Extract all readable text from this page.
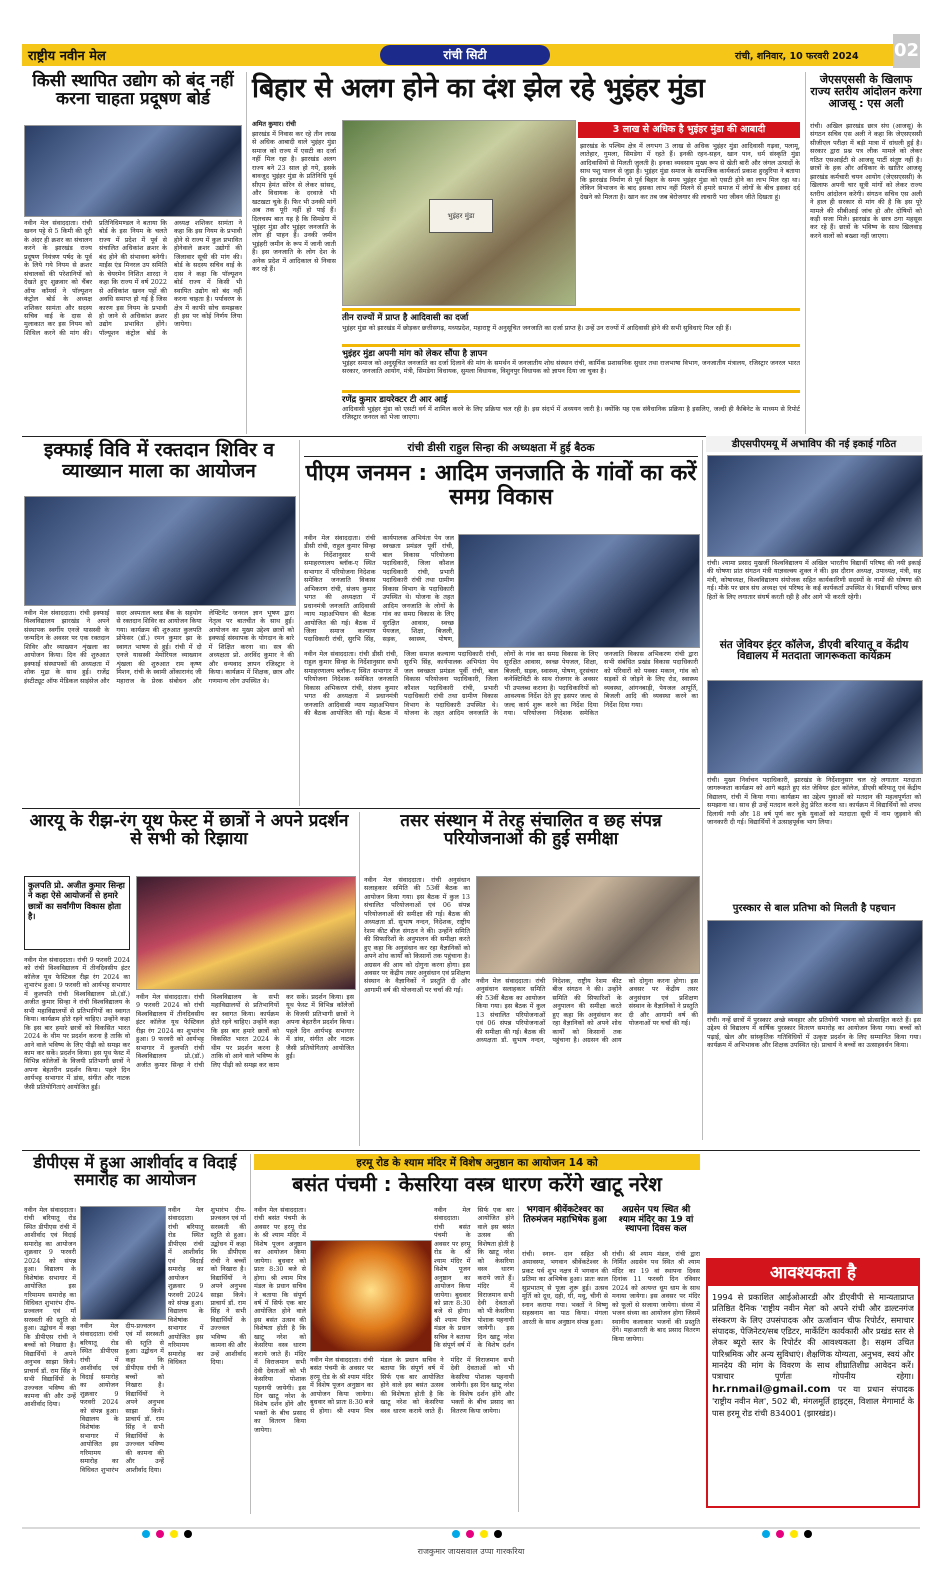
राष्ट्रीय नवीन मेल	रांची सिटी	रांची, शनिवार, 10 फरवरी 2024 02
किसी स्थापित उद्योग को बंद नहीं करना चाहता प्रदूषण बोर्ड

नवीन मेल संवाददाता। रांची खनन पट्टे से 5 किमी की दूरी के अंदर ही क्रशर का संचालन करने के झारखंड राज्य प्रदूषण नियंत्रण पर्षद के पूर्व के लिये गये नियम से क्रशर संचालकों की परेशानियों को देखते हुए शुक्रवार को चैंबर ऑफ कॉमर्स ने पॉल्यूशन कंट्रोल बोर्ड के अध्यक्ष शशिकर सामंता और सदस्य सचिव वाई के दास से मुलाकात कर इस नियम को शिथिल करने की मांग की। प्रतिनिधिमण्डल ने बताया कि बोर्ड के इस नियम के चलते राज्य में प्रदेश में पूर्व से संचालित अधिकांश क्रशर के बंद होने की संभावना बनेगी। माईंस एंड मिनरल उप समिति के चेयरमेन निशित शारदा ने कहा कि राज्य में वर्ष 2022 से अधिकांश खनन पट्टों की अवधि समाप्त हो गई है जिस कारण इस नियम के प्रभावी हो जाने से अधिकांश क्रशर उद्योग प्रभावित होंगे। पॉल्यूशन कंट्रोल बोर्ड के अध्यक्ष शशिकर सामंता ने कहा कि इस नियम के प्रभावी होने से राज्य में कुल प्रभावित होनेवाले क्रशर उद्योगों की जिलावार सूची की मांग की। बोर्ड के सदस्य सचिव वाई के दास ने कहा कि पॉल्यूशन बोर्ड राज्य में किसी भी स्थापित उद्योग को बंद नहीं करना चाहता है। पर्यावरण के क्षेत्र में काफी सोच समझकर ही इस पर कोई निर्णय लिया जायेगा।

बिहार से अलग होने का दंश झेल रहे भुइंहर मुंडा
अमित कुमार। रांची

झारखंड में निवास कर रहे तीन लाख से अधिक आबादी वाले भुइंहर मुंडा समाज को राज्य में एसटी का दर्जा नहीं मिल रहा है। झारखंड अलग राज्य बने 23 साल हो गये, इसके बावजूद भुइंहर मुंडा के प्रतिनिधि पूर्व सीएम हेमंत सोरेन से लेकर सांसद, और विधायक के दरवाजे भी खटखटा चुके हैं। फिर भी उनकी मांगें अब तक पूरी नहीं हो पाई हैं। दिलचस्प बात यह है कि सिमडेगा में भुइंहर मुंडा और भुइंहर जनजाति के लोग ही पाहन हैं। उनकी जमीन भुइंहरी जमीन के रूप में जानी जाती है। इस जनजाति के लोग देश के अनेक प्रदेश में आदिकाल से निवास कर रहे हैं।

भुइंहर मुंडा
3 लाख से अधिक है भुइंहर मुंडा की आबादी

झारखंड के पश्चिम क्षेत्र में लगभग 3 लाख से अधिक भुइंहर मुंडा आदिवासी गढ़वा, पलामू, लातेहार, गुमला, सिमडेगा में रहते हैं। इनकी रहन-सहन, खान पान, धर्म संस्कृति मुंडा आदिवासियों से मिलती जुलती है। इनका व्यवसाय मुख्य रूप से खेती बारी और जंगल उत्पादों के साथ पशु पालन से जुड़ा है। भुइंहर मुंडा समाज के सामाजिक कार्यकर्ता प्रकाश हुरहुरिया ने बताया कि झारखंड निर्माण से पूर्व बिहार के समय भुइंहर मुंडा को एसटी होने का लाभ मिल रहा था। लेकिन विभाजन के बाद इसका लाभ नहीं मिलने से हमारे समाज में लोगों के बीच इसका दर्द देखने को मिलता है। खान कर तब जब बेरोजगार की लाचारी भरा जीवन जीते दिखता हूं।

तीन राज्यों में प्राप्त है आदिवासी का दर्जा
भुइंहर मुंडा को झारखंड में छोड़कर छत्तीसगढ़, मध्यप्रदेश, महाराष्ट्र में अनुसूचित जनजाति का दर्जा प्राप्त है। उन्हें उन राज्यों में आदिवासी होने की सभी सुविधाएं मिल रही हैं।
भुइंहर मुंडा अपनी मांग को लेकर सौंपा है ज्ञापन
भुइंहर समाज को अनुसूचित जनजाति का दर्जा दिलाने की मांग के समर्थन में जनजातीय शोध संस्थान रांची, कार्मिक प्रशासनिक सुधार तथा राजभाषा विभाग, जनजातीय मंत्रालय, रजिस्ट्रार जनरल भारत सरकार, जनजाति आयोग, मंत्री, सिमडेगा विधायक, सुमला विधायक, विशुनपुर विधायक को ज्ञापन दिया जा चुका है।
रणेंद्र कुमार डायरेक्टर टी आर आई
आदिवासी भुइंहर मुंडा को एसटी वर्ग में शामिल करने के लिए प्रक्रिया चल रही है। इस संदर्भ में अध्ययन जारी है। क्योंकि यह एक संवैधानिक प्रक्रिया है इसलिए, जल्दी ही कैबिनेट के माध्यम से रिपोर्ट रजिस्ट्रार जनरल को भेजा जाएगा।
जेएसएससी के खिलाफ राज्य स्तरीय आंदोलन करेगा आजसू : एस अली

रांची। अखिल झारखंड छात्र संघ (आजसू) के संगठन सचिव एस अली ने कहा कि जेएसएससी सीजीएल परीक्षा में बड़ी मात्रा में धांधली हुई है। सरकार द्वारा प्रश्न पत्र लीक मामले को लेकर गठित एसआईटी से आजसू पार्टी संतुष्ट नहीं है। छात्रों के हक और अधिकार के खातिर आजसू झारखंड कर्मचारी चयन आयोग (जेएसएससी) के खिलाफ अपनी चार सूत्री मांगों को लेकर राज्य स्तरीय आंदोलन करेगी। संगठन सचिव एस अली ने हाल ही सरकार से मांग की है कि इस पूरे मामले की सीबीआई जांच हो और दोषियों को कड़ी सजा मिले। झारखंड के छात्र ठगा महसूस कर रहे हैं। छात्रों के भविष्य के साथ खिलवाड़ करने वालों को बख्शा नहीं जाएगा।

इक्फाई विवि में रक्तदान शिविर व व्याख्यान माला का आयोजन

नवीन मेल संवाददाता। रांची इक्फाई विश्वविद्यालय झारखंड ने अपने संस्थापक स्वर्गीय एनजे यासस्वी के जन्मदिन के अवसर पर एक रक्तदान शिविर और व्याख्यान शृंखला का आयोजन किया। दिन की शुरुआत इक्फाई संस्थापकों की अध्यक्षता में शोक मुद्रा के साथ हुई। राजेंद्र इंस्टीट्यूट ऑफ मेडिकल साइंसेज और सदर अस्पताल ब्लड बैंक के सहयोग से रक्तदान शिविर का आयोजन किया गया। कार्यक्रम की शुरुआत कुलपति प्रोफेसर (डॉ.) रमन कुमार झा के स्वागत भाषण से हुई। रांची में दो एनजे यासस्वी मेमोरियल व्याख्यान शृंखला की शुरुआत राम कृष्ण मिशन, रांची के स्वामी ओंकारानंद जी महाराज के प्रेरक संबोधन और लेफ्टिनेंट जनरल ज्ञान भूषण द्वारा नेतृत्व पर बातचीत के साथ हुई। आयोजन का मुख्य उद्देश्य छात्रों को इक्फाई संस्थापक के योगदान के बारे में शिक्षित करना था। सत्र की अध्यक्षता प्रो. अरविंद कुमार ने की और धन्यवाद ज्ञापन रजिस्ट्रार ने किया। कार्यक्रम में शिक्षक, छात्र और गणमान्य लोग उपस्थित थे।

रांची डीसी राहुल सिन्हा की अध्यक्षता में हुई बैठक
पीएम जनमन : आदिम जनजाति के गांवों का करें समग्र विकास

नवीन मेल संवाददाता। रांची डीसी रांची, राहुल कुमार सिन्हा के निर्देशानुसार सभी समाहरणालय ब्लॉक-ए स्थित सभागार में परियोजना निदेशक समेकित जनजाति विकास अभिकरण रांची, संजय कुमार भगत की अध्यक्षता में प्रधानमंत्री जनजाति आदिवासी न्याय महाअभियान की बैठक आयोजित की गई। बैठक में जिला समाज कल्याण पदाधिकारी रांची, सुरभि सिंह, कार्यपालक अभियंता पेय जल स्वच्छता प्रमंडल पूर्वी रांची, बाल विकास परियोजना पदाधिकारी, जिला कौशल पदाधिकारी रांची, प्रभारी पदाधिकारी रांची तथा ग्रामीण विकास विभाग के पदाधिकारी उपस्थित थे। योजना के तहत आदिम जनजाति के लोगों के गांव का समग्र विकास के लिए सुरक्षित आवास, स्वच्छ पेयजल, शिक्षा, बिजली, सड़क, स्वास्थ्य, पोषण,

नवीन मेल संवाददाता। रांची डीसी रांची, राहुल कुमार सिन्हा के निर्देशानुसार सभी समाहरणालय ब्लॉक-ए स्थित सभागार में परियोजना निदेशक समेकित जनजाति विकास अभिकरण रांची, संजय कुमार भगत की अध्यक्षता में प्रधानमंत्री जनजाति आदिवासी न्याय महाअभियान की बैठक आयोजित की गई। बैठक में जिला समाज कल्याण पदाधिकारी रांची, सुरभि सिंह, कार्यपालक अभियंता पेय जल स्वच्छता प्रमंडल पूर्वी रांची, बाल विकास परियोजना पदाधिकारी, जिला कौशल पदाधिकारी रांची, प्रभारी पदाधिकारी रांची तथा ग्रामीण विकास विभाग के पदाधिकारी उपस्थित थे। योजना के तहत आदिम जनजाति के लोगों के गांव का समग्र विकास के लिए सुरक्षित आवास, स्वच्छ पेयजल, शिक्षा, बिजली, सड़क, स्वास्थ्य, पोषण, दूरसंचार कनेक्टिविटी के साथ रोजगार के अवसर भी उपलब्ध कराना है। पदाधिकारियों को आवश्यक निर्देश देते हुए इसपर जल्द से जल्द कार्य शुरू करने का निर्देश दिया गया। परियोजना निदेशक समेकित जनजाति विकास अभिकरण रांची द्वारा सभी संबंधित प्रखंड विकास पदाधिकारी को परिवारों को पक्का मकान, गांव को सड़कों से जोड़ने के लिए रोड, स्वास्थ्य व्यवस्था, आंगनबाड़ी, पेयजल आपूर्ति, बिजली आदि की व्यवस्था करने का निर्देश दिया गया।

डीएसपीएमयू में अभाविप की नई इकाई गठित

रांची। श्यामा प्रसाद मुखर्जी विश्वविद्यालय में अखिल भारतीय विद्यार्थी परिषद की नयी इकाई की घोषणा प्रांत संगठन मंत्री याज्ञवल्क्य शुक्ल ने की। इस दौरान अध्यक्ष, उपाध्यक्ष, मंत्री, सह मंत्री, कोषाध्यक्ष, विश्वविद्यालय संयोजक सहित कार्यकारिणी सदस्यों के नामों की घोषणा की गई। मौके पर छात्र संघ अध्यक्ष एवं परिषद के कई कार्यकर्ता उपस्थित थे। विद्यार्थी परिषद छात्र हितों के लिए लगातार संघर्ष करती रही है और आगे भी करती रहेगी।

संत जेवियर इंटर कॉलेज, डीएवी बरियातू व केंद्रीय विद्यालय में मतदाता जागरूकता कार्यक्रम

रांची। मुख्य निर्वाचन पदाधिकारी, झारखंड के निर्देशानुसार चल रहे लगातार मतदाता जागरूकता कार्यक्रम को आगे बढ़ाते हुए संत जेवियर इंटर कॉलेज, डीएवी बरियातू एवं केंद्रीय विद्यालय, रांची में किया गया। कार्यक्रम का उद्देश्य युवाओं को मतदान की महत्वपूर्णता को समझाना था। साथ ही उन्हें मतदान करने हेतु प्रेरित करना था। कार्यक्रम में विद्यार्थियों को शपथ दिलायी गयी और 18 वर्ष पूर्ण कर चुके युवाओं को मतदाता सूची में नाम जुड़वाने की जानकारी दी गई। विद्यार्थियों ने उत्साहपूर्वक भाग लिया।

पुरस्कार से बाल प्रतिभा को मिलती है पहचान

रांची। नन्हें छात्रों में पुरस्कार अच्छे व्यवहार और प्रतियोगी भावना को प्रोत्साहित करते हैं। इस उद्देश्य से विद्यालय में वार्षिक पुरस्कार वितरण समारोह का आयोजन किया गया। बच्चों को पढ़ाई, खेल और सांस्कृतिक गतिविधियों में उत्कृष्ट प्रदर्शन के लिए सम्मानित किया गया। कार्यक्रम में अभिभावक और शिक्षक उपस्थित रहे। प्राचार्य ने बच्चों का उत्साहवर्धन किया।

आरयू के रीझ-रंग यूथ फेस्ट में छात्रों ने अपने प्रदर्शन से सभी को रिझाया
कुलपति प्रो. अजीत कुमार सिन्हा ने कहा ऐसे आयोजनों से हमारे छात्रों का सर्वांगीण विकास होता है।

नवीन मेल संवाददाता। रांची 9 फरवरी 2024 को रांची विश्वविद्यालय में तीनदिवसीय इंटर कॉलेज यूथ फेस्टिवल रीझ रंग 2024 का शुभारंभ हुआ। 9 फरवरी को आर्यभट्ट सभागार में कुलपति रांची विश्वविद्यालय प्रो.(डॉ.) अजीत कुमार सिन्हा ने रांची विश्वविद्यालय के सभी महाविद्यालयों से प्रतिभागियों का स्वागत किया। कार्यक्रम होते रहने चाहिए। उन्होंने कहा कि इस बार हमारे छात्रों को विकसित भारत 2024 के थीम पर प्रदर्शन करना है ताकि वो आने वाले भविष्य के लिए पीढ़ी को समझ कर काम कर सकें। प्रदर्शन किया। इस यूथ फेस्ट में विभिन्न कॉलेजों के विजयी प्रतिभागी छात्रों ने अपना बेहतरीन प्रदर्शन किया। पहले दिन आर्यभट्ट सभागार में डांस, संगीत और नाटक जैसी प्रतियोगिताएं आयोजित हुईं।

नवीन मेल संवाददाता। रांची 9 फरवरी 2024 को रांची विश्वविद्यालय में तीनदिवसीय इंटर कॉलेज यूथ फेस्टिवल रीझ रंग 2024 का शुभारंभ हुआ। 9 फरवरी को आर्यभट्ट सभागार में कुलपति रांची विश्वविद्यालय प्रो.(डॉ.) अजीत कुमार सिन्हा ने रांची विश्वविद्यालय के सभी महाविद्यालयों से प्रतिभागियों का स्वागत किया। कार्यक्रम होते रहने चाहिए। उन्होंने कहा कि इस बार हमारे छात्रों को विकसित भारत 2024 के थीम पर प्रदर्शन करना है ताकि वो आने वाले भविष्य के लिए पीढ़ी को समझ कर काम कर सकें। प्रदर्शन किया। इस यूथ फेस्ट में विभिन्न कॉलेजों के विजयी प्रतिभागी छात्रों ने अपना बेहतरीन प्रदर्शन किया। पहले दिन आर्यभट्ट सभागार में डांस, संगीत और नाटक जैसी प्रतियोगिताएं आयोजित हुईं।

तसर संस्थान में तेरह संचालित व छह संपन्न परियोजनाओं की हुई समीक्षा

नवीन मेल संवाददाता। रांची अनुसंधान सलाहकार समिति की 53वीं बैठक का आयोजन किया गया। इस बैठक में कुल 13 संचालित परियोजनाओं एवं 06 संपन्न परियोजनाओं की समीक्षा की गई। बैठक की अध्यक्षता डॉ. सुभाष नन्दन, निदेशक, राष्ट्रीय रेशम कीट बीज संगठन ने की। उन्होंने समिति की सिफारिशों के अनुपालन की समीक्षा करते हुए कहा कि अनुसंधान कर रहा वैज्ञानिकों को अपने शोध कार्यों को किसानों तक पहुंचाना है। अग्रसन की आय को दोगुना करना होगा। इस अवसर पर केंद्रीय तसर अनुसंधान एवं प्रशिक्षण संस्थान के वैज्ञानिकों ने प्रस्तुति दी और आगामी वर्ष की योजनाओं पर चर्चा की गई।

नवीन मेल संवाददाता। रांची अनुसंधान सलाहकार समिति की 53वीं बैठक का आयोजन किया गया। इस बैठक में कुल 13 संचालित परियोजनाओं एवं 06 संपन्न परियोजनाओं की समीक्षा की गई। बैठक की अध्यक्षता डॉ. सुभाष नन्दन, निदेशक, राष्ट्रीय रेशम कीट बीज संगठन ने की। उन्होंने समिति की सिफारिशों के अनुपालन की समीक्षा करते हुए कहा कि अनुसंधान कर रहा वैज्ञानिकों को अपने शोध कार्यों को किसानों तक पहुंचाना है। अग्रसन की आय को दोगुना करना होगा। इस अवसर पर केंद्रीय तसर अनुसंधान एवं प्रशिक्षण संस्थान के वैज्ञानिकों ने प्रस्तुति दी और आगामी वर्ष की योजनाओं पर चर्चा की गई।

डीपीएस में हुआ आशीर्वाद व विदाई समारोह का आयोजन

नवीन मेल संवाददाता। रांची बरियातू रोड स्थित डीपीएस रांची में आशीर्वाद एवं विदाई समारोह का आयोजन शुक्रवार 9 फरवरी 2024 को संपन्न हुआ। विद्यालय के विशेषांक सभागार में आयोजित इस गरिमामय समारोह का विधिवत शुभारंभ दीप-प्रज्वलन एवं माँ सरस्वती की स्तुति से हुआ। उद्बोधन में कहा कि डीपीएस रांची ने बच्चों को निखारा है। विद्यार्थियों ने अपने अनुभव साझा किये। प्राचार्य डॉ. राम सिंह ने सभी विद्यार्थियों के उज्ज्वल भविष्य की कामना की और उन्हें आशीर्वाद दिया।

नवीन मेल संवाददाता। रांची बरियातू रोड स्थित डीपीएस रांची में आशीर्वाद एवं विदाई समारोह का आयोजन शुक्रवार 9 फरवरी 2024 को संपन्न हुआ। विद्यालय के विशेषांक सभागार में आयोजित इस गरिमामय समारोह का विधिवत शुभारंभ दीप-प्रज्वलन एवं माँ सरस्वती की स्तुति से हुआ। उद्बोधन में कहा कि डीपीएस रांची ने बच्चों को निखारा है। विद्यार्थियों ने अपने अनुभव साझा किये। प्राचार्य डॉ. राम सिंह ने सभी विद्यार्थियों के उज्ज्वल भविष्य की कामना की और उन्हें आशीर्वाद दिया।

नवीन मेल संवाददाता। रांची बरियातू रोड स्थित डीपीएस रांची में आशीर्वाद एवं विदाई समारोह का आयोजन शुक्रवार 9 फरवरी 2024 को संपन्न हुआ। विद्यालय के विशेषांक सभागार में आयोजित इस गरिमामय समारोह का विधिवत शुभारंभ दीप-प्रज्वलन एवं माँ सरस्वती की स्तुति से हुआ। उद्बोधन में कहा कि डीपीएस रांची ने बच्चों को निखारा है। विद्यार्थियों ने अपने अनुभव साझा किये। प्राचार्य डॉ. राम सिंह ने सभी विद्यार्थियों के उज्ज्वल भविष्य की कामना की और उन्हें आशीर्वाद दिया।

हरमू रोड के श्याम मंदिर में विशेष अनुष्ठान का आयोजन 14 को
बसंत पंचमी : केसरिया वस्त्र धारण करेंगे खाटू नरेश

नवीन मेल संवाददाता। रांची बसंत पंचमी के अवसर पर हरमू रोड के श्री श्याम मंदिर में विशेष पूजन अनुष्ठान का आयोजन किया जायेगा। बुधवार को प्रातः 8:30 बजे से होगा। श्री श्याम मित्र मंडल के प्रधान सचिव ने बताया कि संपूर्ण वर्ष में सिर्फ एक बार आयोजित होने वाले इस बसंत उत्सव की विशेषता होती है कि खाटू नरेश को केसरिया वस्त्र धारण कराये जाते हैं। मंदिर में विराजमान सभी देवी देवताओं को भी केसरिया पोशाक पहनायी जायेगी। इस दिन खाटू नरेश के विशेष दर्शन होंगे और भक्तों के बीच प्रसाद का वितरण किया जायेगा।

नवीन मेल संवाददाता। रांची बसंत पंचमी के अवसर पर हरमू रोड के श्री श्याम मंदिर में विशेष पूजन अनुष्ठान का आयोजन किया जायेगा। बुधवार को प्रातः 8:30 बजे से होगा। श्री श्याम मित्र मंडल के प्रधान सचिव ने बताया कि संपूर्ण वर्ष में सिर्फ एक बार आयोजित होने वाले इस बसंत उत्सव की विशेषता होती है कि खाटू नरेश को केसरिया वस्त्र धारण कराये जाते हैं। मंदिर में विराजमान सभी देवी देवताओं को भी केसरिया पोशाक पहनायी जायेगी। इस दिन खाटू नरेश के विशेष दर्शन

नवीन मेल संवाददाता। रांची बसंत पंचमी के अवसर पर हरमू रोड के श्री श्याम मंदिर में विशेष पूजन अनुष्ठान का आयोजन किया जायेगा। बुधवार को प्रातः 8:30 बजे से होगा। श्री श्याम मित्र मंडल के प्रधान सचिव ने बताया कि संपूर्ण वर्ष में सिर्फ एक बार आयोजित होने वाले इस बसंत उत्सव की विशेषता होती है कि खाटू नरेश को केसरिया वस्त्र धारण कराये जाते हैं। मंदिर में विराजमान सभी देवी देवताओं को भी केसरिया पोशाक पहनायी जायेगी। इस दिन खाटू नरेश के विशेष दर्शन होंगे और भक्तों के बीच प्रसाद का वितरण किया जायेगा।

भगवान श्रीवेंकटेश्वर का तिरुमंजन महाभिषेक हुआ

रांची। स्नान- दान सहित श्री अमावस्या, भगवान श्रीवेंकटेश्वर के प्रकट पर्व शुभ नक्षत्र में भगवान की प्रतिमा का अभिषेक हुआ। प्रातः काल सुप्रभातम् से पूजा शुरू हुई। उत्सव मूर्ति को दूध, दही, घी, मधु, चीनी से स्नान कराया गया। भक्तों ने विष्णु सहस्रनाम का पाठ किया। मंगला आरती के साथ अनुष्ठान संपन्न हुआ।

अग्रसेन पथ स्थित श्री श्याम मंदिर का 19 वां स्थापना दिवस कल

रांची। श्री श्याम मंडल, रांची द्वारा निर्मित अग्रसेन पथ स्थित श्री श्याम मंदिर का 19 वां स्थापना दिवस दिनांक 11 फरवरी दिन रविवार 2024 को अत्यन्त धूम धाम के साथ मनाया जायेगा। इस अवसर पर मंदिर को फूलों से सजाया जायेगा। संध्या में भजन संध्या का आयोजन होगा जिसमें स्थानीय कलाकार भजनों की प्रस्तुति देंगे। महाआरती के बाद प्रसाद वितरण किया जायेगा।

आवश्यकता है
1994 से प्रकाशित आईओआरडी और डीएवीपी से मान्यताप्राप्त प्रतिष्ठित दैनिक 'राष्ट्रीय नवीन मेल' को अपने रांची और डाल्टनगंज संस्करण के लिए उपसंपादक और ऊर्जावान चीफ रिपोर्टर, समाचार संपादक, पेजिनेटर/सब एडिटर, मार्केटिंग कार्यकारी और प्रखंड स्तर से लेकर ब्यूरो स्तर के रिपोर्टर की आवश्यकता है। सक्षम उचित पारिश्रमिक और अन्य सुविधाएं। शैक्षणिक योग्यता, अनुभव, स्वयं और मानदेय की मांग के विवरण के साथ शीघ्रातिशीघ्र आवेदन करें। पत्राचार पूर्णतः गोपनीय रहेगा। hr.rnmail@gmail.com पर या प्रधान संपादक 'राष्ट्रीय नवीन मेल', 502 बी, मंगलमूर्ति हाइट्स, विशाल मेगामार्ट के पास हरमू रोड रांची 834001 (झारखंड)।
राजकुमार जायसवाल उप्पा गारकरिया
